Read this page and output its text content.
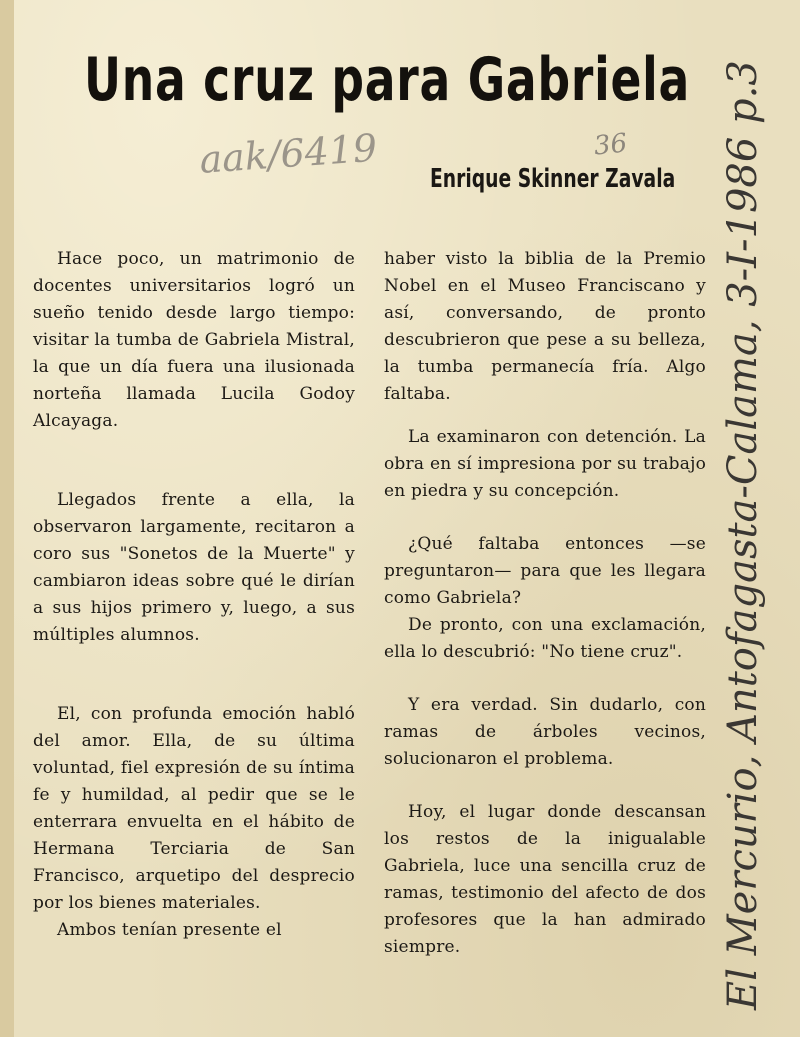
Una cruz para Gabriela
aak/6419	36
Enrique Skinner Zavala

Hace poco, un matrimonio de docentes universitarios logró un sueño tenido desde largo tiempo: visitar la tumba de Gabriela Mistral, la que un día fuera una ilusionada norteña llamada Lucila Godoy Alcayaga.

Llegados frente a ella, la observaron largamente, recitaron a coro sus "Sonetos de la Muerte" y cambiaron ideas sobre qué le dirían a sus hijos primero y, luego, a sus múltiples alumnos.

El, con profunda emoción habló del amor. Ella, de su última voluntad, fiel expresión de su íntima fe y humildad, al pedir que se le enterrara envuelta en el hábito de Hermana Terciaria de San Francisco, arquetipo del desprecio por los bienes materiales.

Ambos tenían presente el

haber visto la biblia de la Premio Nobel en el Museo Franciscano y así, conversando, de pronto descubrieron que pese a su belleza, la tumba permanecía fría. Algo faltaba.

La examinaron con detención. La obra en sí impresiona por su trabajo en piedra y su concepción.

¿Qué faltaba entonces —se preguntaron— para que les llegara como Gabriela?

De pronto, con una exclamación, ella lo descubrió: "No tiene cruz".

Y era verdad. Sin dudarlo, con ramas de árboles vecinos, solucionaron el problema.

Hoy, el lugar donde descansan los restos de la inigualable Gabriela, luce una sencilla cruz de ramas, testimonio del afecto de dos profesores que la han admirado siempre.	El Mercurio, Antofagasta-Calama, 3-I-1986 p.3
